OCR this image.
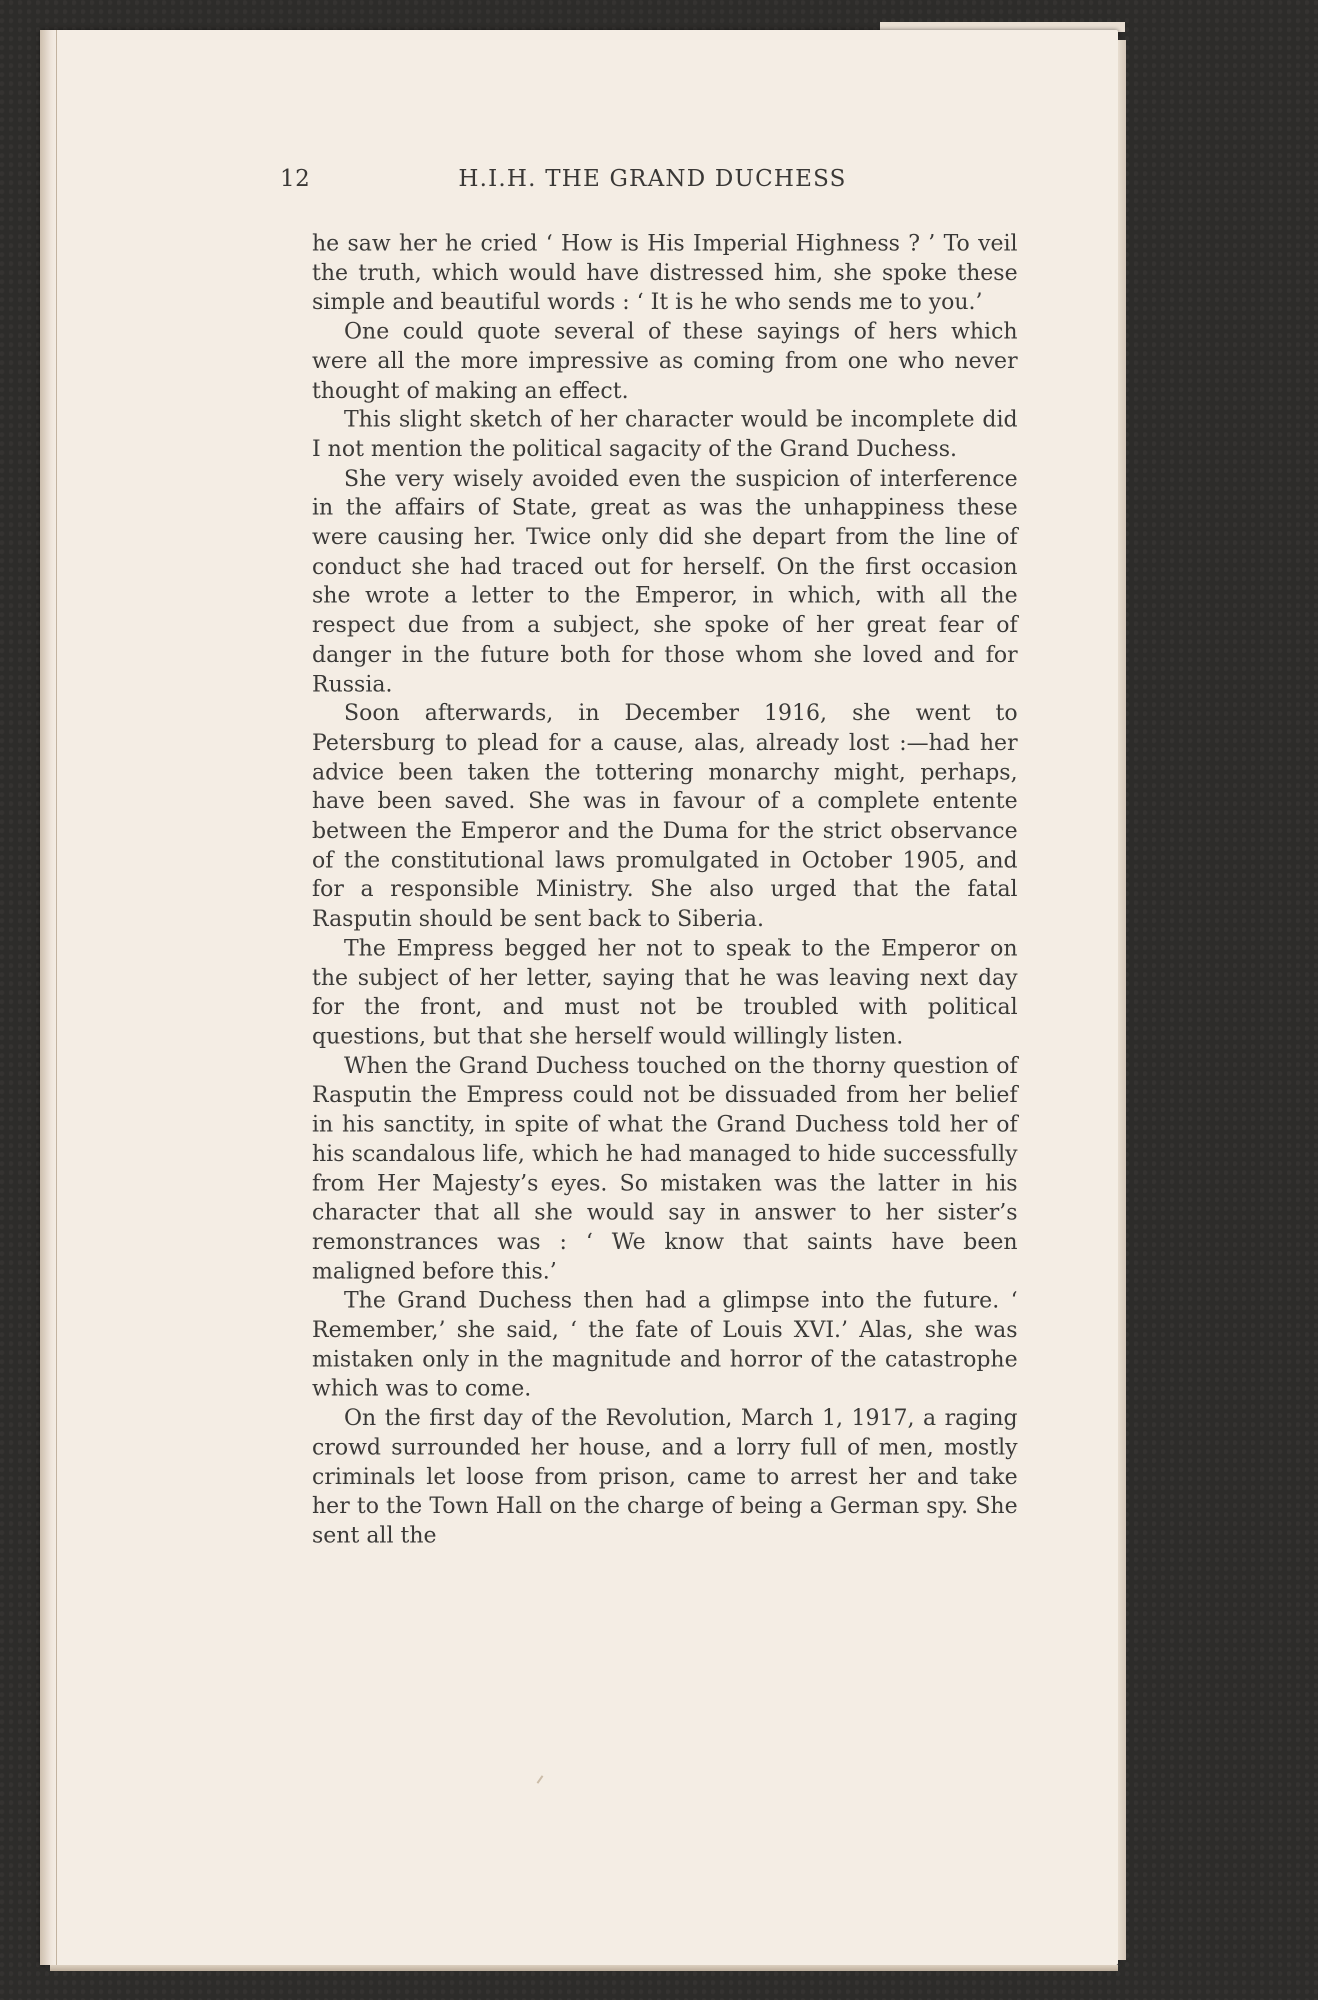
12	H.I.H. THE GRAND DUCHESS

he saw her he cried ‘ How is His Imperial Highness ? ’ To veil the truth, which would have distressed him, she spoke these simple and beautiful words : ‘ It is he who sends me to you.’

One could quote several of these sayings of hers which were all the more impressive as coming from one who never thought of making an effect.

This slight sketch of her character would be incomplete did I not mention the political sagacity of the Grand Duchess.

She very wisely avoided even the suspicion of interference in the affairs of State, great as was the unhappiness these were causing her. Twice only did she depart from the line of conduct she had traced out for herself. On the first occasion she wrote a letter to the Emperor, in which, with all the respect due from a subject, she spoke of her great fear of danger in the future both for those whom she loved and for Russia.

Soon afterwards, in December 1916, she went to Petersburg to plead for a cause, alas, already lost :—had her advice been taken the tottering monarchy might, perhaps, have been saved. She was in favour of a complete entente between the Emperor and the Duma for the strict observance of the constitutional laws promulgated in October 1905, and for a responsible Ministry. She also urged that the fatal Rasputin should be sent back to Siberia.

The Empress begged her not to speak to the Emperor on the subject of her letter, saying that he was leaving next day for the front, and must not be troubled with political questions, but that she herself would willingly listen.

When the Grand Duchess touched on the thorny question of Rasputin the Empress could not be dissuaded from her belief in his sanctity, in spite of what the Grand Duchess told her of his scandalous life, which he had managed to hide successfully from Her Majesty’s eyes. So mistaken was the latter in his character that all she would say in answer to her sister’s remonstrances was : ‘ We know that saints have been maligned before this.’

The Grand Duchess then had a glimpse into the future. ‘ Remember,’ she said, ‘ the fate of Louis XVI.’ Alas, she was mistaken only in the magnitude and horror of the catastrophe which was to come.

On the first day of the Revolution, March 1, 1917, a raging crowd surrounded her house, and a lorry full of men, mostly criminals let loose from prison, came to arrest her and take her to the Town Hall on the charge of being a German spy. She sent all the
